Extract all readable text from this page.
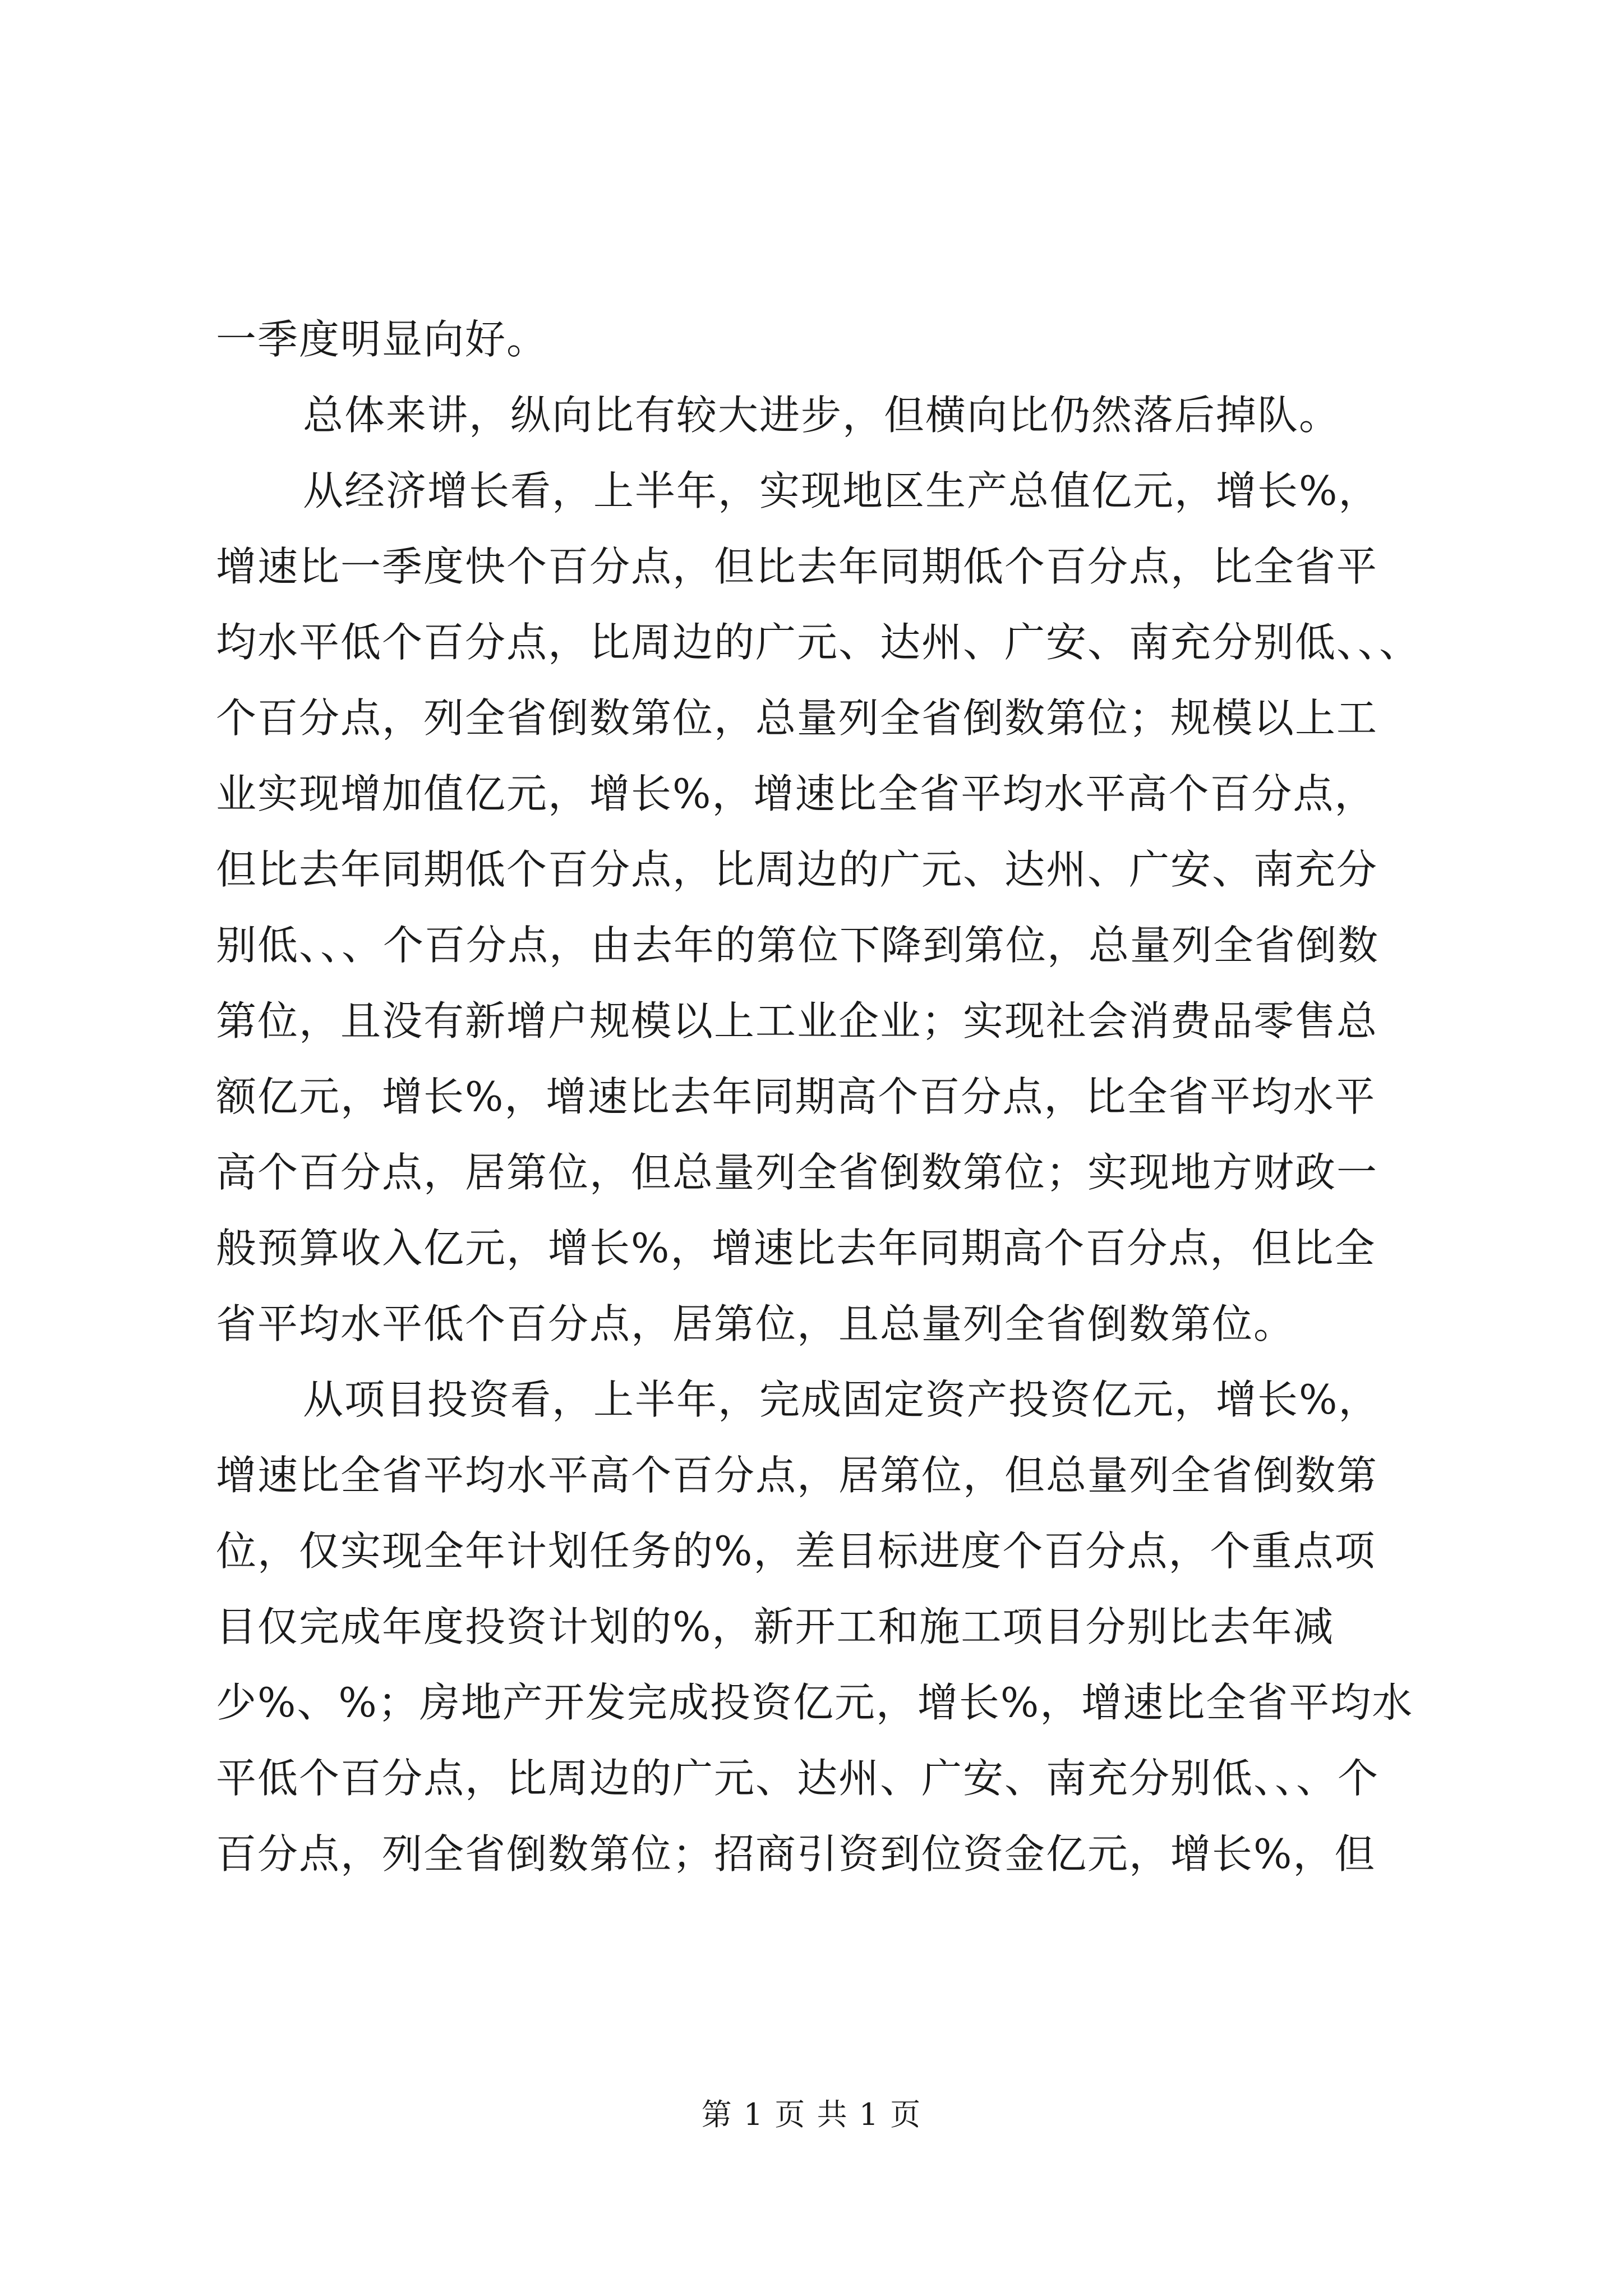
一季度明显向好。
总体来讲，纵向比有较大进步，但横向比仍然落后掉队。
从经济增长看，上半年，实现地区生产总值亿元，增长%，
增速比一季度快个百分点，但比去年同期低个百分点，比全省平
均水平低个百分点，比周边的广元、达州、广安、南充分别低、、、
个百分点，列全省倒数第位，总量列全省倒数第位；规模以上工
业实现增加值亿元，增长%，增速比全省平均水平高个百分点，
但比去年同期低个百分点，比周边的广元、达州、广安、南充分
别低、、、个百分点，由去年的第位下降到第位，总量列全省倒数
第位，且没有新增户规模以上工业企业；实现社会消费品零售总
额亿元，增长%，增速比去年同期高个百分点，比全省平均水平
高个百分点，居第位，但总量列全省倒数第位；实现地方财政一
般预算收入亿元，增长%，增速比去年同期高个百分点，但比全
省平均水平低个百分点，居第位，且总量列全省倒数第位。
从项目投资看，上半年，完成固定资产投资亿元，增长%，
增速比全省平均水平高个百分点，居第位，但总量列全省倒数第
位，仅实现全年计划任务的%，差目标进度个百分点，个重点项
目仅完成年度投资计划的%，新开工和施工项目分别比去年减
少%、%；房地产开发完成投资亿元，增长%，增速比全省平均水
平低个百分点，比周边的广元、达州、广安、南充分别低、、、个
百分点，列全省倒数第位；招商引资到位资金亿元，增长%，但
第 1 页 共 1 页
